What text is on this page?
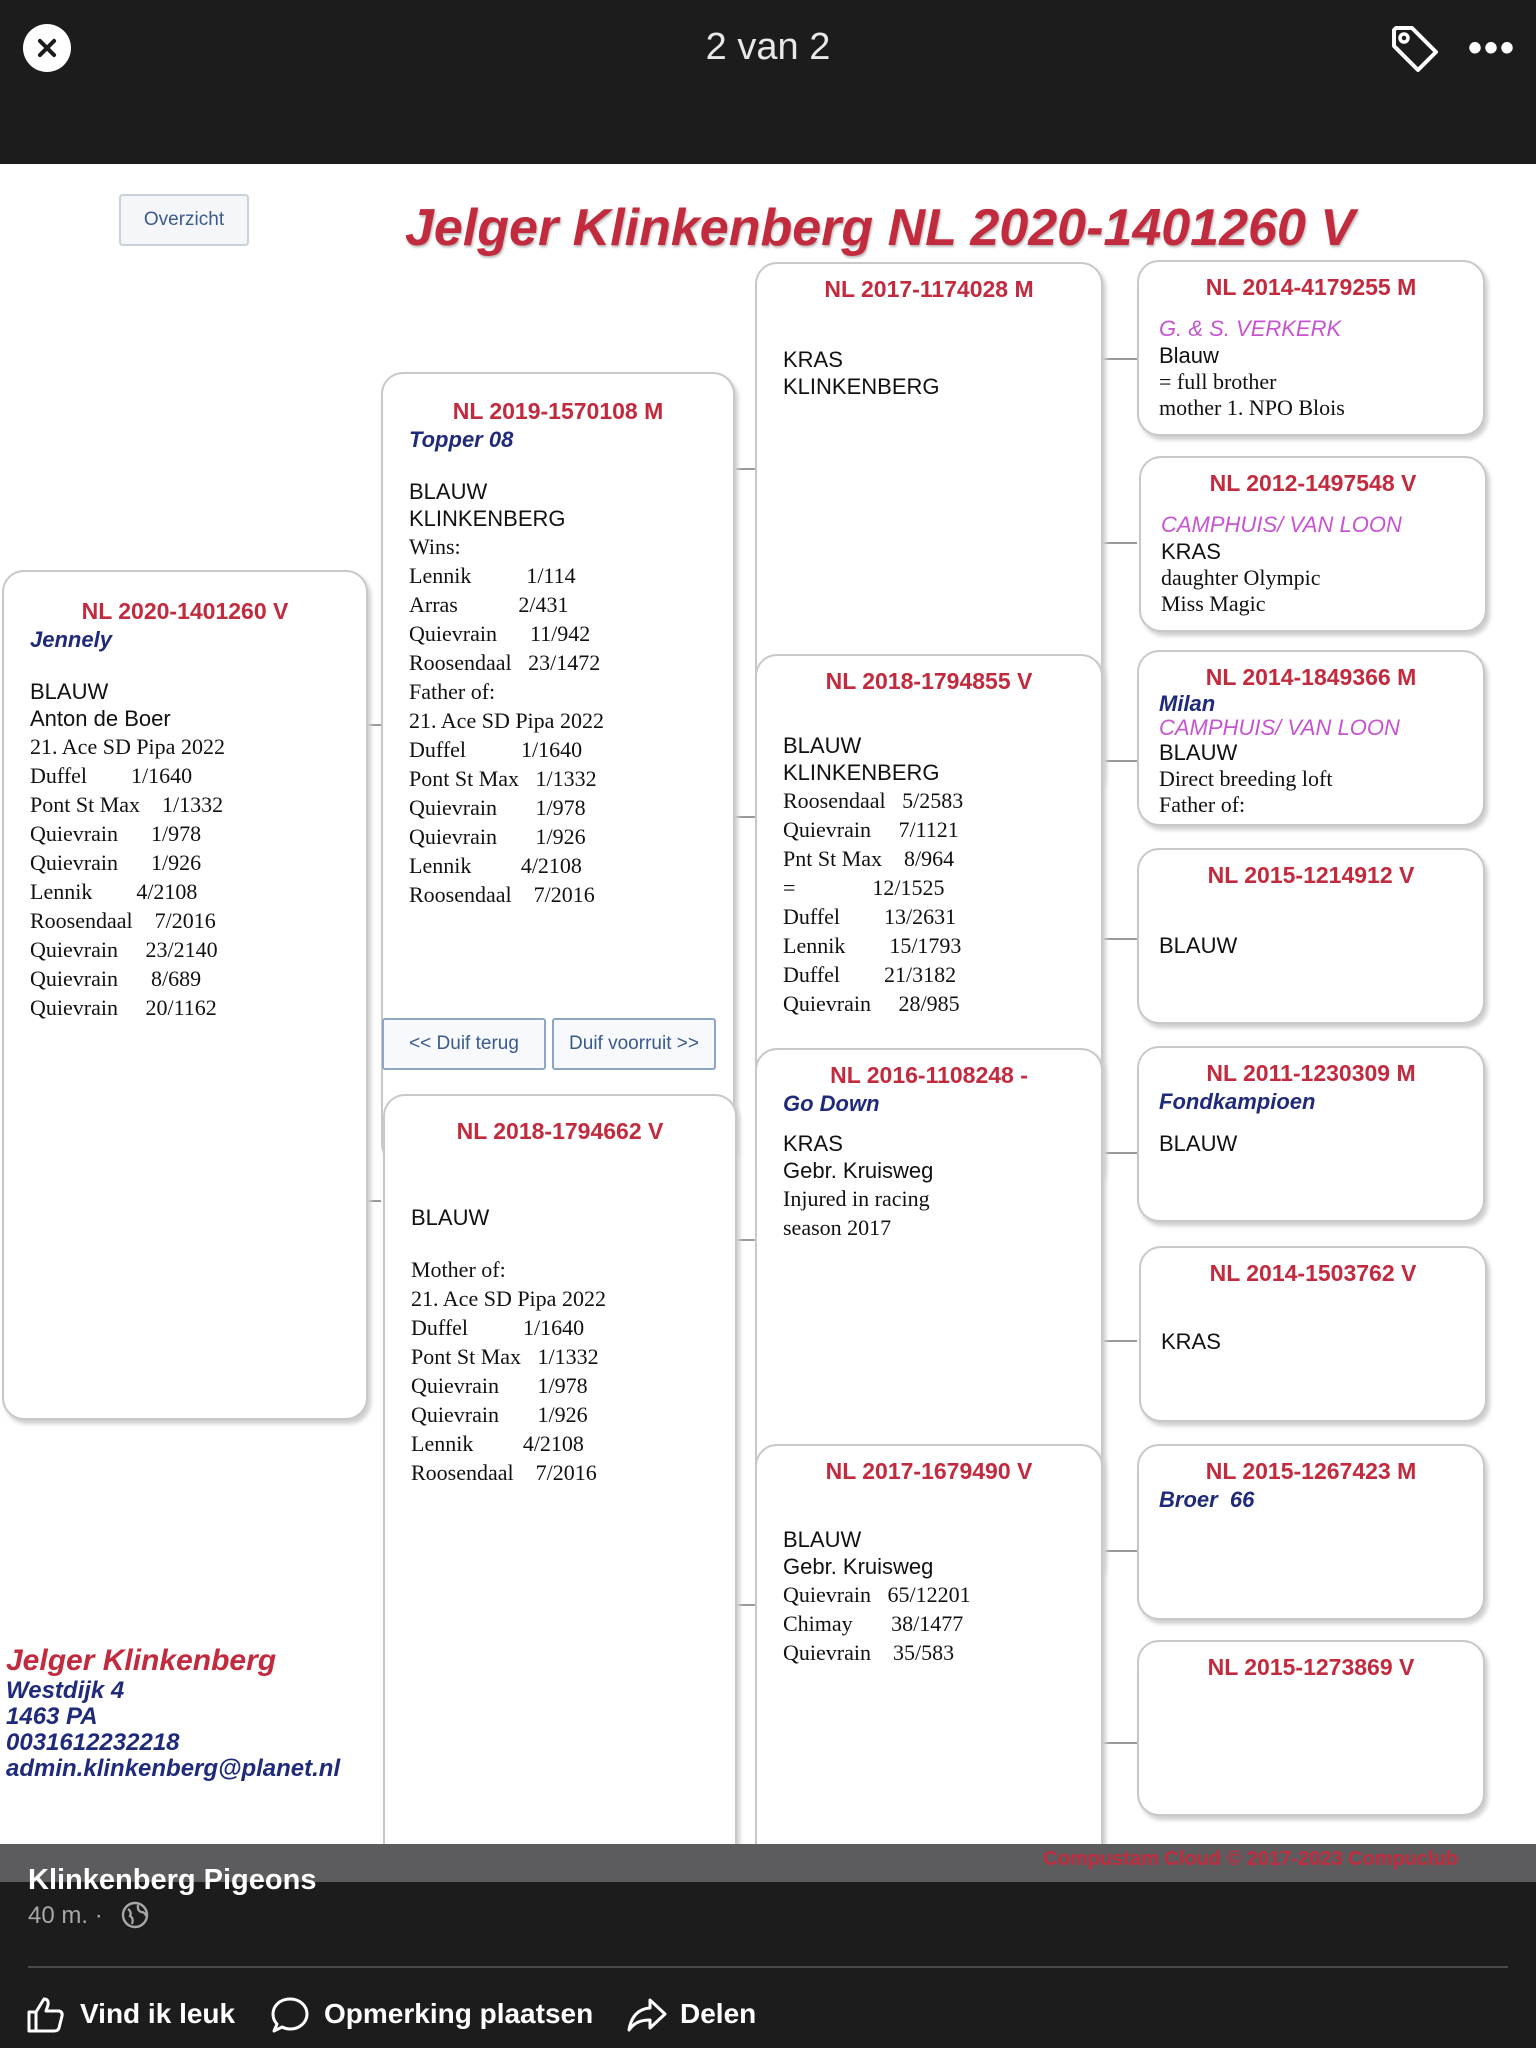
2 van 2	•••
Overzicht	Jelger Klinkenberg NL 2020-1401260 V
NL 2020-1401260 V
Jennely
BLAUW
Anton de Boer
21. Ace SD Pipa 2022
Duffel        1/1640
Pont St Max    1/1332
Quievrain      1/978
Quievrain      1/926
Lennik        4/2108
Roosendaal    7/2016
Quievrain     23/2140
Quievrain      8/689
Quievrain     20/1162
NL 2019-1570108 M
Topper 08
BLAUW
KLINKENBERG
Wins:
Lennik          1/114
Arras           2/431
Quievrain      11/942
Roosendaal   23/1472
Father of:
21. Ace SD Pipa 2022
Duffel          1/1640
Pont St Max   1/1332
Quievrain       1/978
Quievrain       1/926
Lennik         4/2108
Roosendaal    7/2016
<< Duif terug	Duif voorruit >>
NL 2018-1794662 V
BLAUW
Mother of:
21. Ace SD Pipa 2022
Duffel          1/1640
Pont St Max   1/1332
Quievrain       1/978
Quievrain       1/926
Lennik         4/2108
Roosendaal    7/2016
NL 2017-1174028 M
KRAS
KLINKENBERG
NL 2018-1794855 V
BLAUW
KLINKENBERG
Roosendaal   5/2583
Quievrain     7/1121
Pnt St Max    8/964
=              12/1525
Duffel        13/2631
Lennik        15/1793
Duffel        21/3182
Quievrain     28/985
NL 2016-1108248 -
Go Down
KRAS
Gebr. Kruisweg
Injured in racing
season 2017
NL 2017-1679490 V
BLAUW
Gebr. Kruisweg
Quievrain   65/12201
Chimay       38/1477
Quievrain    35/583
NL 2014-4179255 M
G. & S. VERKERK
Blauw
= full brother
mother 1. NPO Blois
NL 2012-1497548 V
CAMPHUIS/ VAN LOON
KRAS
daughter Olympic
Miss Magic
NL 2014-1849366 M
Milan
CAMPHUIS/ VAN LOON
BLAUW
Direct breeding loft
Father of:
NL 2015-1214912 V
BLAUW
NL 2011-1230309 M
Fondkampioen
BLAUW
NL 2014-1503762 V
KRAS
NL 2015-1267423 M
Broer  66
NL 2015-1273869 V
Jelger Klinkenberg
Westdijk 4
1463 PA
0031612232218
admin.klinkenberg@planet.nl
Compustam Cloud © 2017-2023 Compuclub
Klinkenberg Pigeons
40 m. ·
Vind ik leuk	Opmerking plaatsen	Delen
